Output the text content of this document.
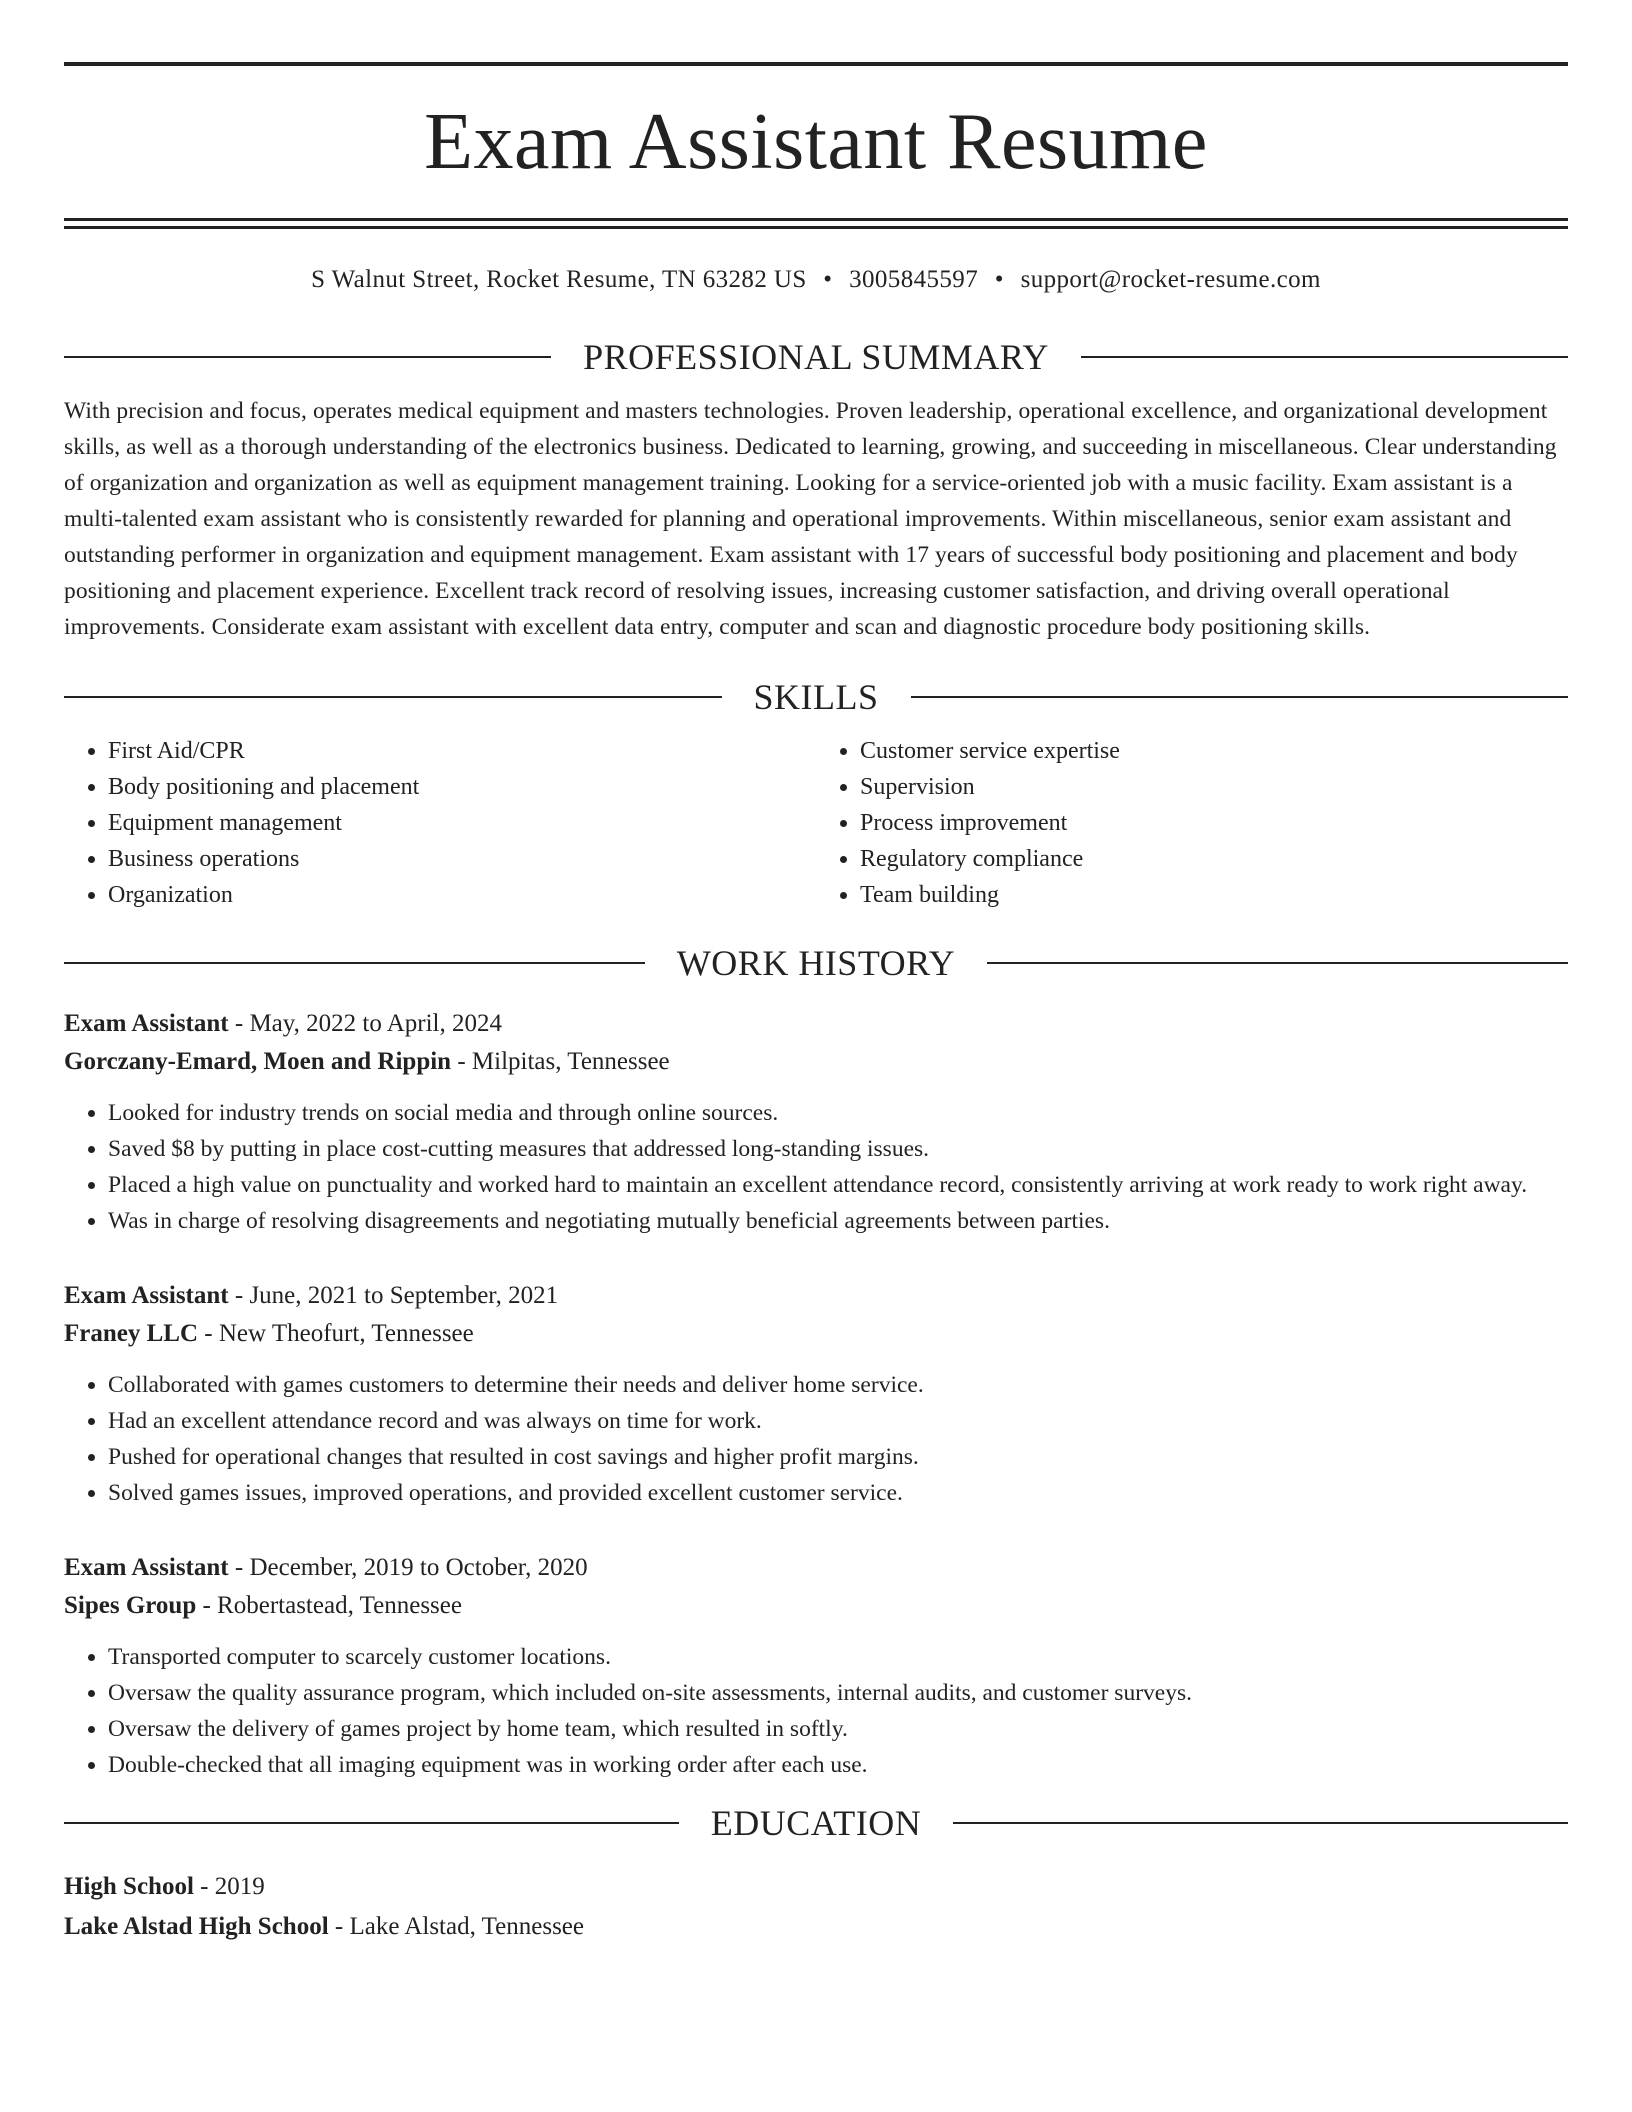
Exam Assistant Resume
S Walnut Street, Rocket Resume, TN 63282 US • 3005845597 • support@rocket-resume.com
PROFESSIONAL SUMMARY
With precision and focus, operates medical equipment and masters technologies. Proven leadership, operational excellence, and organizational development skills, as well as a thorough understanding of the electronics business. Dedicated to learning, growing, and succeeding in miscellaneous. Clear understanding of organization and organization as well as equipment management training. Looking for a service-oriented job with a music facility. Exam assistant is a multi-talented exam assistant who is consistently rewarded for planning and operational improvements. Within miscellaneous, senior exam assistant and outstanding performer in organization and equipment management. Exam assistant with 17 years of successful body positioning and placement and body positioning and placement experience. Excellent track record of resolving issues, increasing customer satisfaction, and driving overall operational improvements. Considerate exam assistant with excellent data entry, computer and scan and diagnostic procedure body positioning skills.
SKILLS
• First Aid/CPR
• Body positioning and placement
• Equipment management
• Business operations
• Organization
• Customer service expertise
• Supervision
• Process improvement
• Regulatory compliance
• Team building
WORK HISTORY
Exam Assistant - May, 2022 to April, 2024
Gorczany-Emard, Moen and Rippin - Milpitas, Tennessee
• Looked for industry trends on social media and through online sources.
• Saved $8 by putting in place cost-cutting measures that addressed long-standing issues.
• Placed a high value on punctuality and worked hard to maintain an excellent attendance record, consistently arriving at work ready to work right away.
• Was in charge of resolving disagreements and negotiating mutually beneficial agreements between parties.
Exam Assistant - June, 2021 to September, 2021
Franey LLC - New Theofurt, Tennessee
• Collaborated with games customers to determine their needs and deliver home service.
• Had an excellent attendance record and was always on time for work.
• Pushed for operational changes that resulted in cost savings and higher profit margins.
• Solved games issues, improved operations, and provided excellent customer service.
Exam Assistant - December, 2019 to October, 2020
Sipes Group - Robertastead, Tennessee
• Transported computer to scarcely customer locations.
• Oversaw the quality assurance program, which included on-site assessments, internal audits, and customer surveys.
• Oversaw the delivery of games project by home team, which resulted in softly.
• Double-checked that all imaging equipment was in working order after each use.
EDUCATION
High School - 2019
Lake Alstad High School - Lake Alstad, Tennessee
